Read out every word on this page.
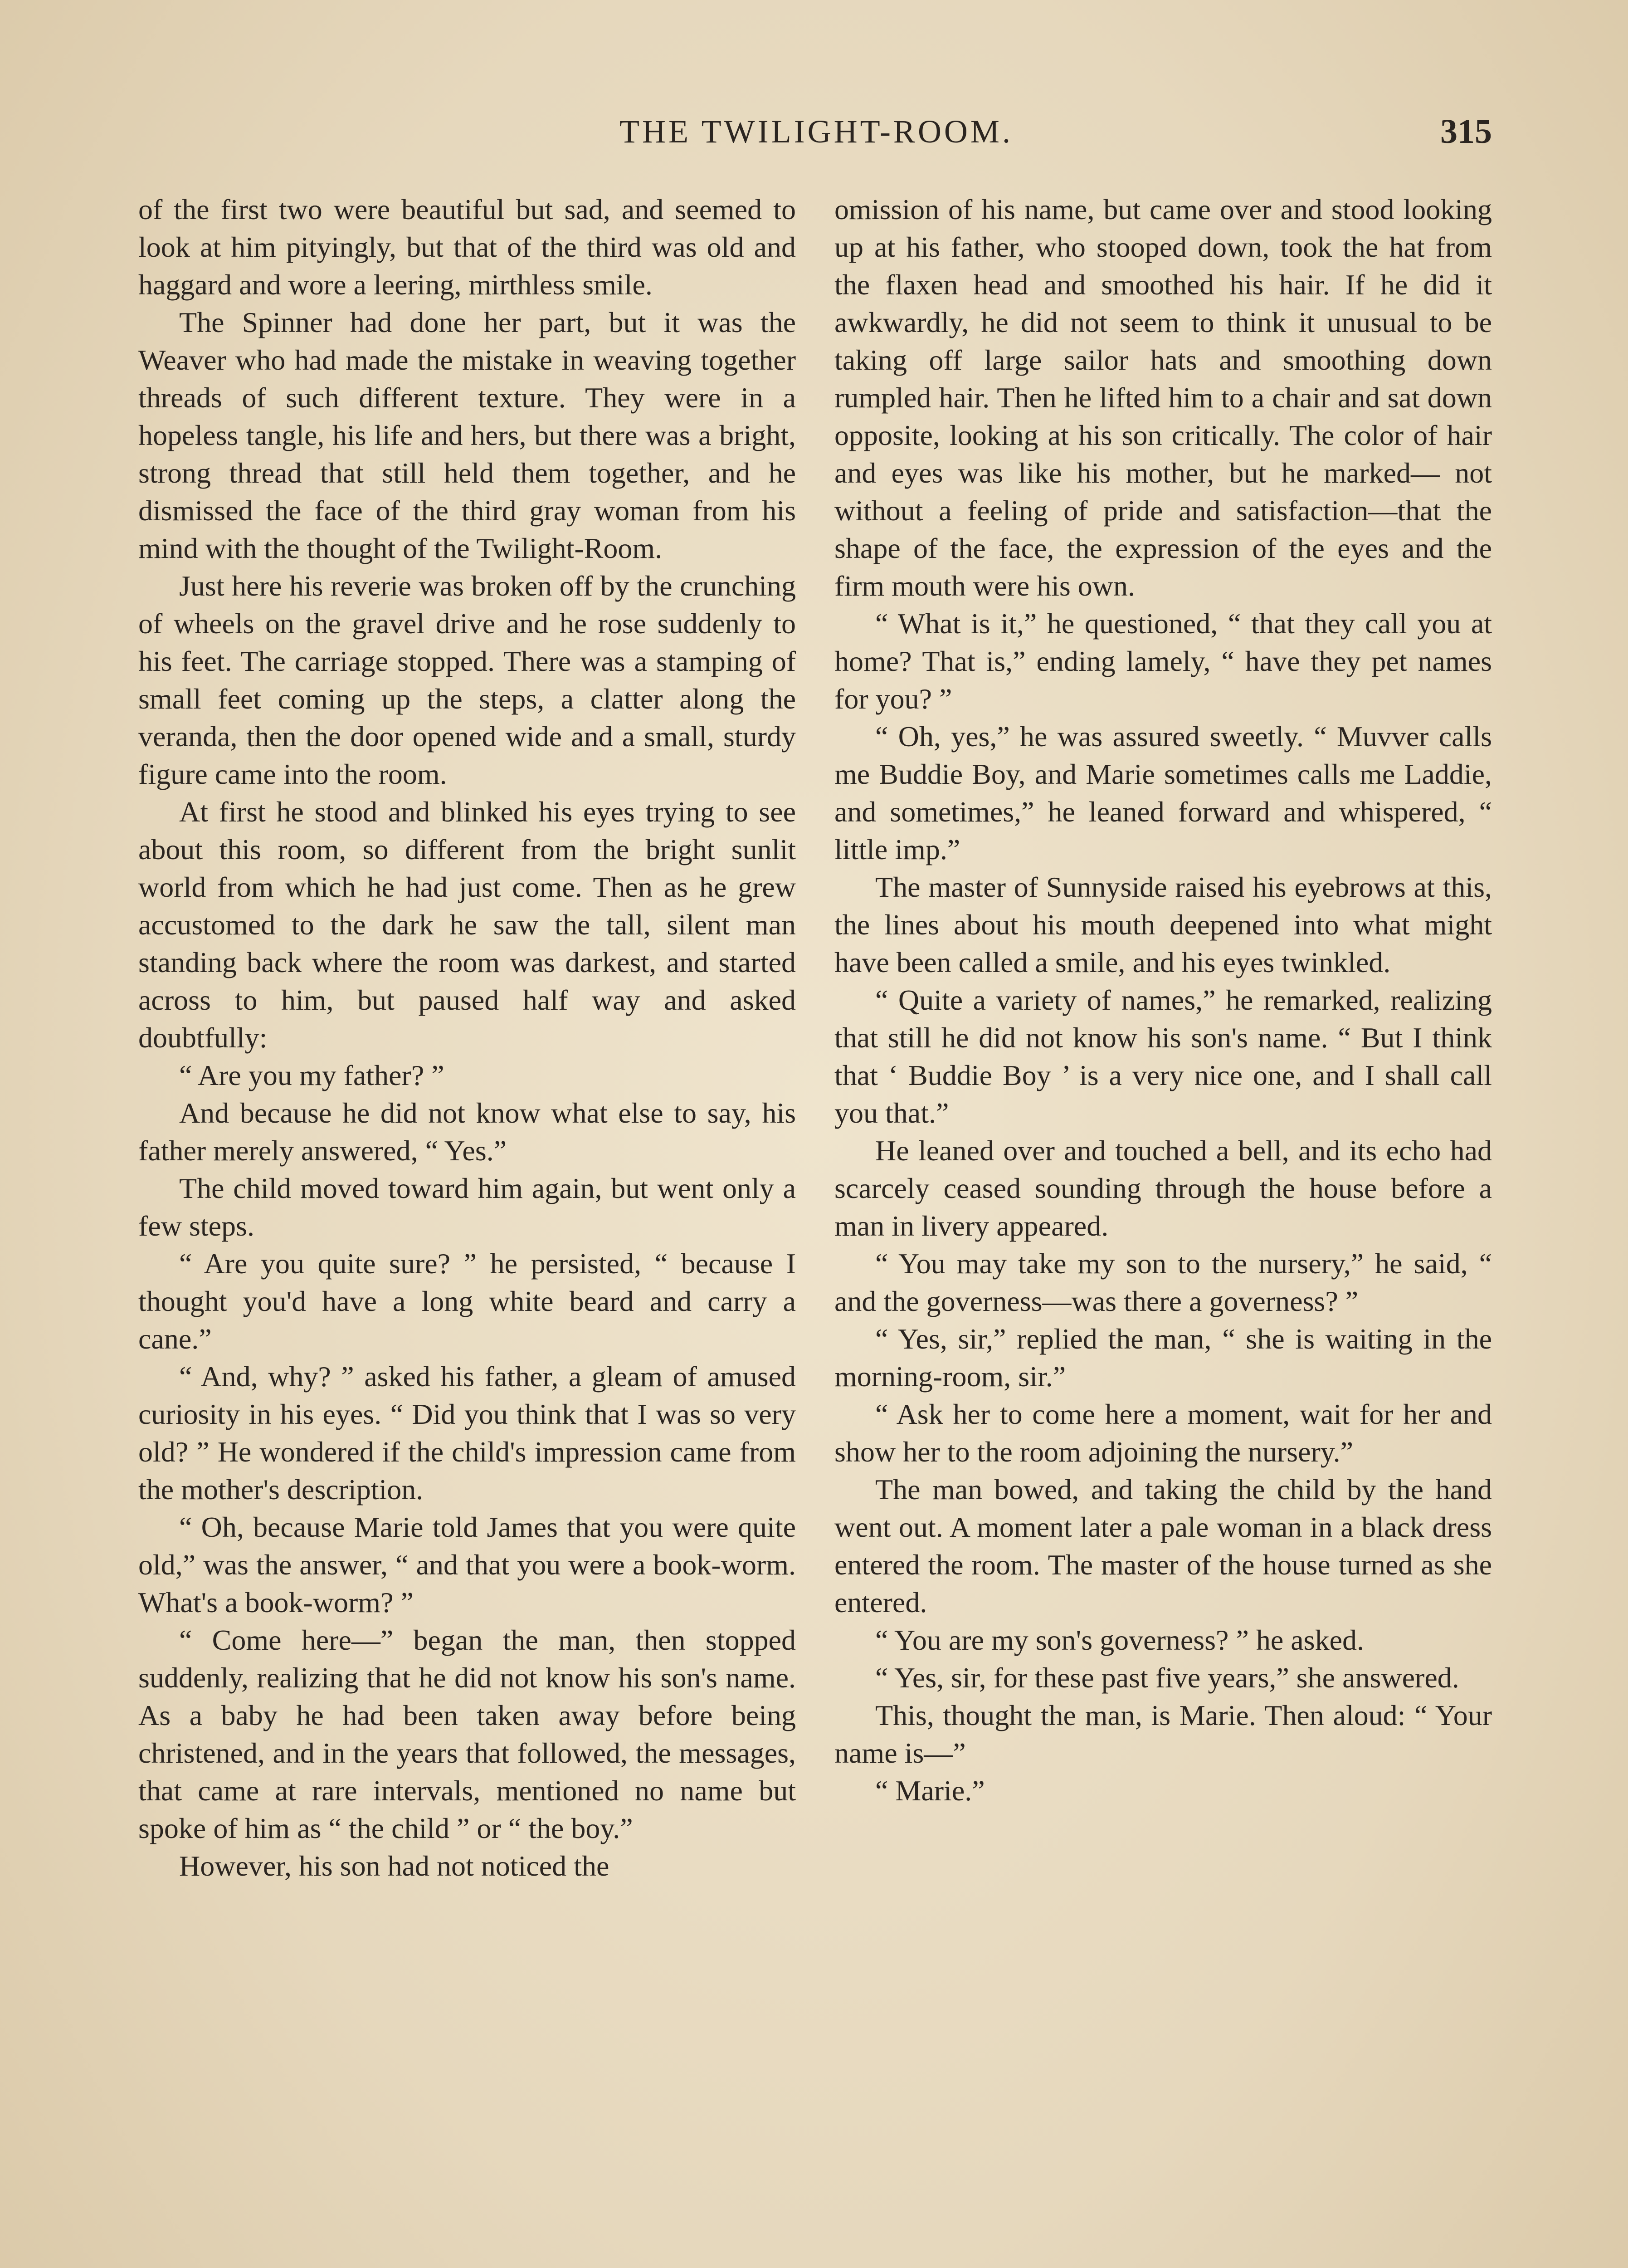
THE TWILIGHT-ROOM.	315

of the first two were beautiful but sad, and seemed to look at him pityingly, but that of the third was old and haggard and wore a leering, mirthless smile.

The Spinner had done her part, but it was the Weaver who had made the mistake in weaving together threads of such different texture. They were in a hopeless tangle, his life and hers, but there was a bright, strong thread that still held them together, and he dismissed the face of the third gray woman from his mind with the thought of the Twilight-Room.

Just here his reverie was broken off by the crunching of wheels on the gravel drive and he rose suddenly to his feet. The carriage stopped. There was a stamping of small feet coming up the steps, a clatter along the veranda, then the door opened wide and a small, sturdy figure came into the room.

At first he stood and blinked his eyes trying to see about this room, so different from the bright sunlit world from which he had just come. Then as he grew accustomed to the dark he saw the tall, silent man standing back where the room was darkest, and started across to him, but paused half way and asked doubtfully:

“ Are you my father? ”

And because he did not know what else to say, his father merely answered, “ Yes.”

The child moved toward him again, but went only a few steps.

“ Are you quite sure? ” he persisted, “ because I thought you'd have a long white beard and carry a cane.”

“ And, why? ” asked his father, a gleam of amused curiosity in his eyes. “ Did you think that I was so very old? ” He wondered if the child's impression came from the mother's description.

“ Oh, because Marie told James that you were quite old,” was the answer, “ and that you were a book-worm. What's a book-worm? ”

“ Come here—” began the man, then stopped suddenly, realizing that he did not know his son's name. As a baby he had been taken away before being christened, and in the years that followed, the messages, that came at rare intervals, mentioned no name but spoke of him as “ the child ” or “ the boy.”

However, his son had not noticed the

omission of his name, but came over and stood looking up at his father, who stooped down, took the hat from the flaxen head and smoothed his hair. If he did it awkwardly, he did not seem to think it unusual to be taking off large sailor hats and smoothing down rumpled hair. Then he lifted him to a chair and sat down opposite, looking at his son critically. The color of hair and eyes was like his mother, but he marked— not without a feeling of pride and satisfaction—that the shape of the face, the expression of the eyes and the firm mouth were his own.

“ What is it,” he questioned, “ that they call you at home? That is,” ending lamely, “ have they pet names for you? ”

“ Oh, yes,” he was assured sweetly. “ Muvver calls me Buddie Boy, and Marie sometimes calls me Laddie, and sometimes,” he leaned forward and whispered, “ little imp.”

The master of Sunnyside raised his eyebrows at this, the lines about his mouth deepened into what might have been called a smile, and his eyes twinkled.

“ Quite a variety of names,” he remarked, realizing that still he did not know his son's name. “ But I think that ‘ Buddie Boy ’ is a very nice one, and I shall call you that.”

He leaned over and touched a bell, and its echo had scarcely ceased sounding through the house before a man in livery appeared.

“ You may take my son to the nursery,” he said, “ and the governess—was there a governess? ”

“ Yes, sir,” replied the man, “ she is waiting in the morning-room, sir.”

“ Ask her to come here a moment, wait for her and show her to the room adjoining the nursery.”

The man bowed, and taking the child by the hand went out. A moment later a pale woman in a black dress entered the room. The master of the house turned as she entered.

“ You are my son's governess? ” he asked.

“ Yes, sir, for these past five years,” she answered.

This, thought the man, is Marie. Then aloud: “ Your name is—”

“ Marie.”
